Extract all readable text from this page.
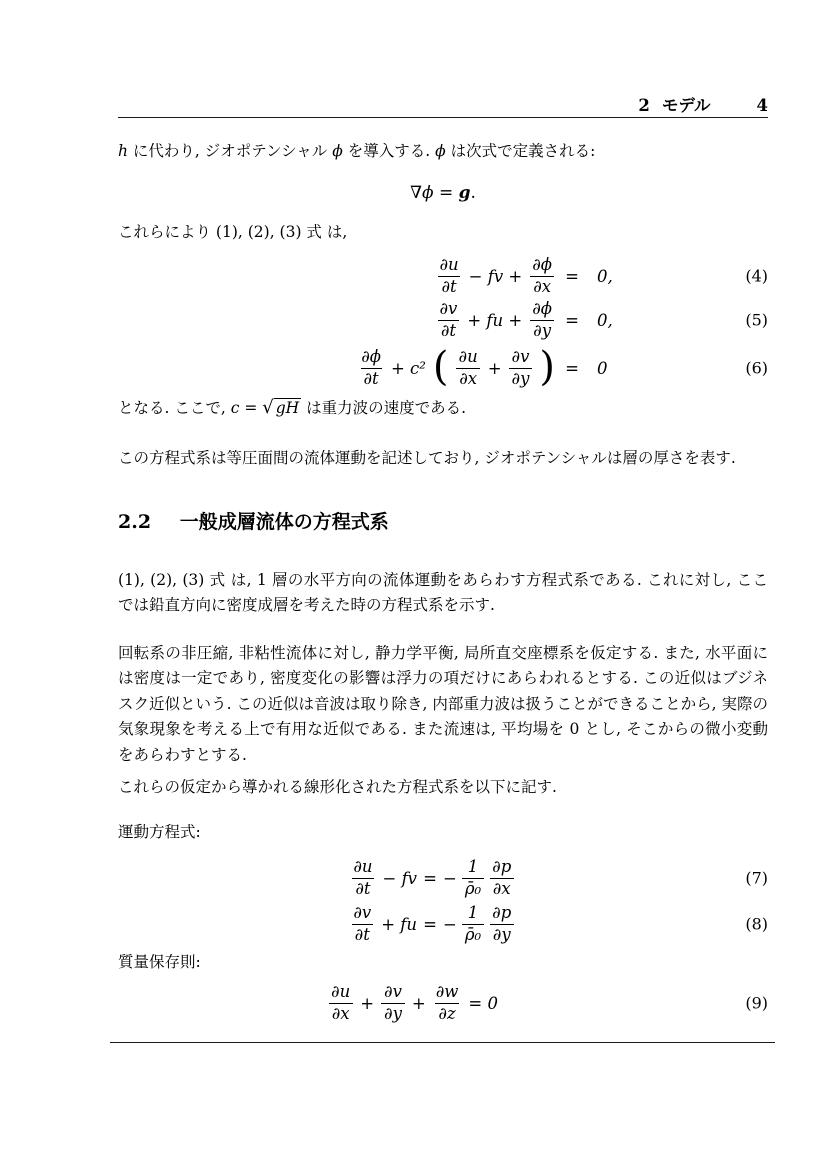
2 モデル	4
h に代わり, ジオポテンシャル ϕ を導入する. ϕ は次式で定義される:
∇ϕ = g.
これらにより (1), (2), (3) 式 は,
$\frac{\partial u}{\partial t}$ − fv + $\frac{\partial\phi}{\partial x}$ =	0,	(4)
$\frac{\partial v}{\partial t}$ + fu + $\frac{\partial\phi}{\partial y}$ =	0,	(5)
$\frac{\partial\phi}{\partial t} + c^2$ ( $\frac{\partial u}{\partial x} + \frac{\partial v}{\partial y}$ ) =	0	(6)
となる. ここで, c = √ gH は重力波の速度である.
この方程式系は等圧面間の流体運動を記述しており, ジオポテンシャルは層の厚さを表す.
2.2 一般成層流体の方程式系
(1), (2), (3) 式 は, 1 層の水平方向の流体運動をあらわす方程式系である. これに対し, ここでは鉛直方向に密度成層を考えた時の方程式系を示す.
回転系の非圧縮, 非粘性流体に対し, 静力学平衡, 局所直交座標系を仮定する. また, 水平面には密度は一定であり, 密度変化の影響は浮力の項だけにあらわれるとする. この近似はブジネスク近似という. この近似は音波は取り除き, 内部重力波は扱うことができることから, 実際の気象現象を考える上で有用な近似である. また流速は, 平均場を 0 とし, そこからの微小変動をあらわすとする.
これらの仮定から導かれる線形化された方程式系を以下に記す.
運動方程式:
$\frac{\partial u}{\partial t}$ − fv = − $\frac{1}{\text{ρ̄₀}} \frac{\partial p}{\partial x}$	(7)
$\frac{\partial v}{\partial t}$ + fu = − $\frac{1}{\text{ρ̄₀}} \frac{\partial p}{\partial y}$	(8)
質量保存則:
$\frac{\partial u}{\partial x} + \frac{\partial v}{\partial y} + \frac{\partial w}{\partial z} = 0$	(9)
